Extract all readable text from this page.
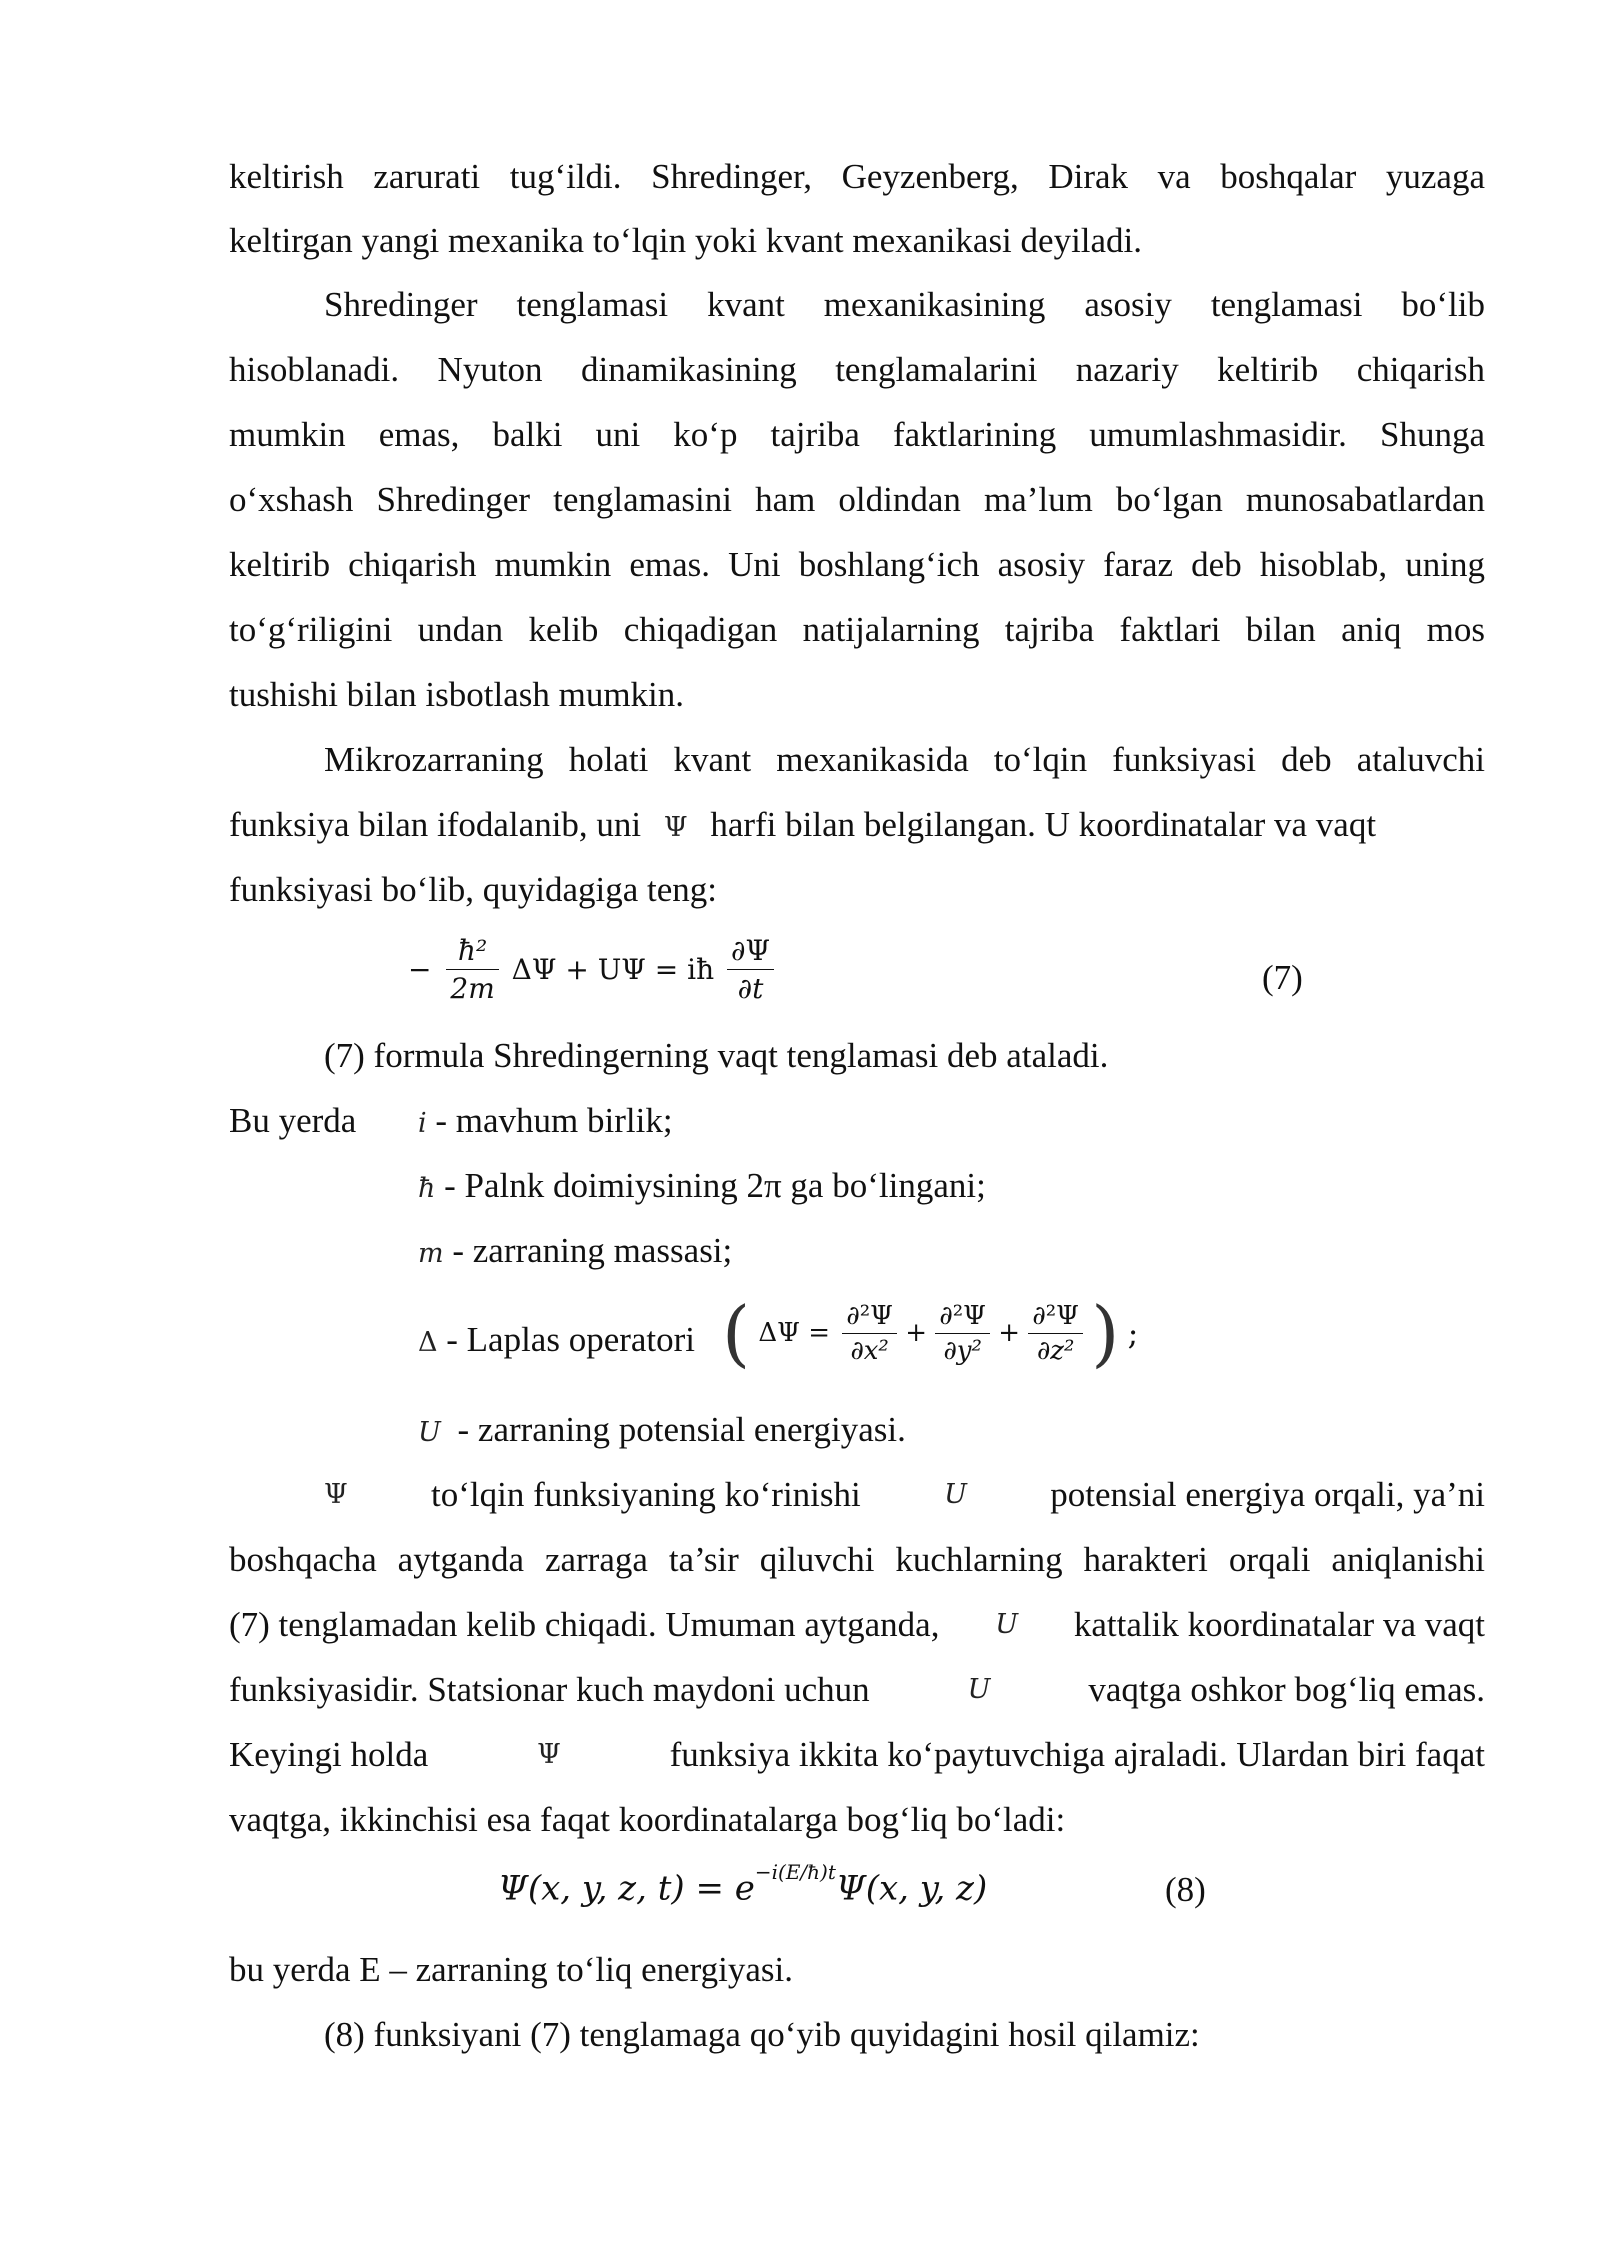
keltirish zarurati tug‘ildi. Shredinger, Geyzenberg, Dirak va boshqalar yuzaga
keltirgan yangi mexanika to‘lqin yoki kvant mexanikasi deyiladi.
Shredinger tenglamasi kvant mexanikasining asosiy tenglamasi bo‘lib
hisoblanadi. Nyuton dinamikasining tenglamalarini nazariy keltirib chiqarish
mumkin emas, balki uni ko‘p tajriba faktlarining umumlashmasidir. Shunga
o‘xshash Shredinger tenglamasini ham oldindan ma’lum bo‘lgan munosabatlardan
keltirib chiqarish mumkin emas. Uni boshlang‘ich asosiy faraz deb hisoblab, uning
to‘g‘riligini undan kelib chiqadigan natijalarning tajriba faktlari bilan aniq mos
tushishi bilan isbotlash mumkin.
Mikrozarraning holati kvant mexanikasida to‘lqin funksiyasi deb ataluvchi
funksiya bilan ifodalanib, uni Ψ harfi bilan belgilangan. U koordinatalar va vaqt
funksiyasi bo‘lib, quyidagiga teng:
− $\frac{\text{ħ²}}{2m}$ ΔΨ + UΨ = iħ $\frac{\partial\Psi}{\partial t}$	(7)
(7) formula Shredingerning vaqt tenglamasi deb ataladi.
Bu yerda i - mavhum birlik;
ħ - Palnk doimiysining 2π ga bo‘lingani;
m - zarraning massasi;
Δ - Laplas operatori ( $\Delta\Psi = \frac{\text{∂²Ψ}}{\text{∂x²}} + \frac{\text{∂²Ψ}}{\text{∂y²}} + \frac{\text{∂²Ψ}}{\text{∂z²}}$ ) ;
U - zarraning potensial energiyasi.
Ψ to‘lqin funksiyaning ko‘rinishi	U potensial energiya orqali, ya’ni
boshqacha aytganda zarraga ta’sir qiluvchi kuchlarning harakteri orqali aniqlanishi
(7) tenglamadan kelib chiqadi. Umuman aytganda, U kattalik koordinatalar va vaqt
funksiyasidir. Statsionar kuch maydoni uchun	U	vaqtga oshkor bog‘liq emas.
Keyingi holda	Ψ	funksiya ikkita ko‘paytuvchiga ajraladi. Ulardan biri faqat
vaqtga, ikkinchisi esa faqat koordinatalarga bog‘liq bo‘ladi:
Ψ(x, y, z, $t) = e^{-i(E/ħ)t}\Psi(x$, y, z)	(8)
bu yerda E – zarraning to‘liq energiyasi.
(8) funksiyani (7) tenglamaga qo‘yib quyidagini hosil qilamiz:
